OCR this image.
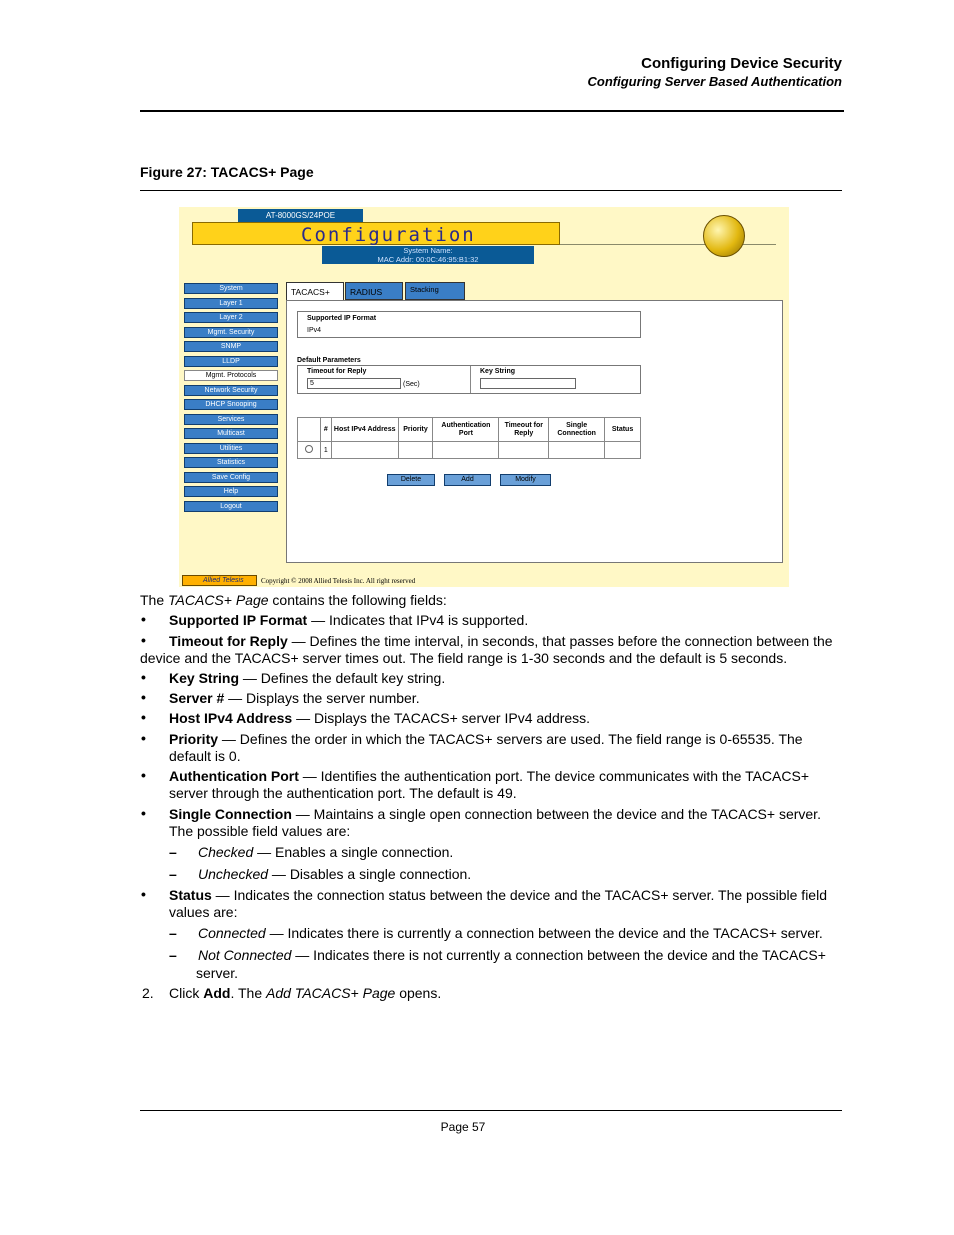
Configuring Device Security
Configuring Server Based Authentication
Figure 27: TACACS+ Page
AT-8000GS/24POE
Configuration
System Name:
MAC Addr: 00:0C:46:95:B1:32
System
Layer 1
Layer 2
Mgmt. Security
SNMP
LLDP
Mgmt. Protocols
Network Security
DHCP Snooping
Services
Multicast
Utilities
Statistics
Save Config
Help
Logout
TACACS+	RADIUS	Stacking
Supported IP Format
IPv4
Default Parameters
Timeout for Reply
5	(Sec)
Key String
	#	Host IPv4 Address	Priority	Authentication Port	Timeout for Reply	Single Connection	Status
	1						
Delete	Add	Modify
Allied Telesis	Copyright © 2008 Allied Telesis Inc. All right reserved
The TACACS+ Page contains the following fields:
• Supported IP Format — Indicates that IPv4 is supported.
• Timeout for Reply — Defines the time interval, in seconds, that passes before the connection between the
device and the TACACS+ server times out. The field range is 1-30 seconds and the default is 5 seconds.
• Key String — Defines the default key string.
• Server # — Displays the server number.
• Host IPv4 Address — Displays the TACACS+ server IPv4 address.
• Priority — Defines the order in which the TACACS+ servers are used. The field range is 0-65535. The
default is 0.
• Authentication Port — Identifies the authentication port. The device communicates with the TACACS+
server through the authentication port. The default is 49.
• Single Connection — Maintains a single open connection between the device and the TACACS+ server.
The possible field values are:
– Checked — Enables a single connection.
– Unchecked — Disables a single connection.
• Status — Indicates the connection status between the device and the TACACS+ server. The possible field
values are:
– Connected — Indicates there is currently a connection between the device and the TACACS+ server.
– Not Connected — Indicates there is not currently a connection between the device and the TACACS+
server.
2. Click Add. The Add TACACS+ Page opens.
Page 57
